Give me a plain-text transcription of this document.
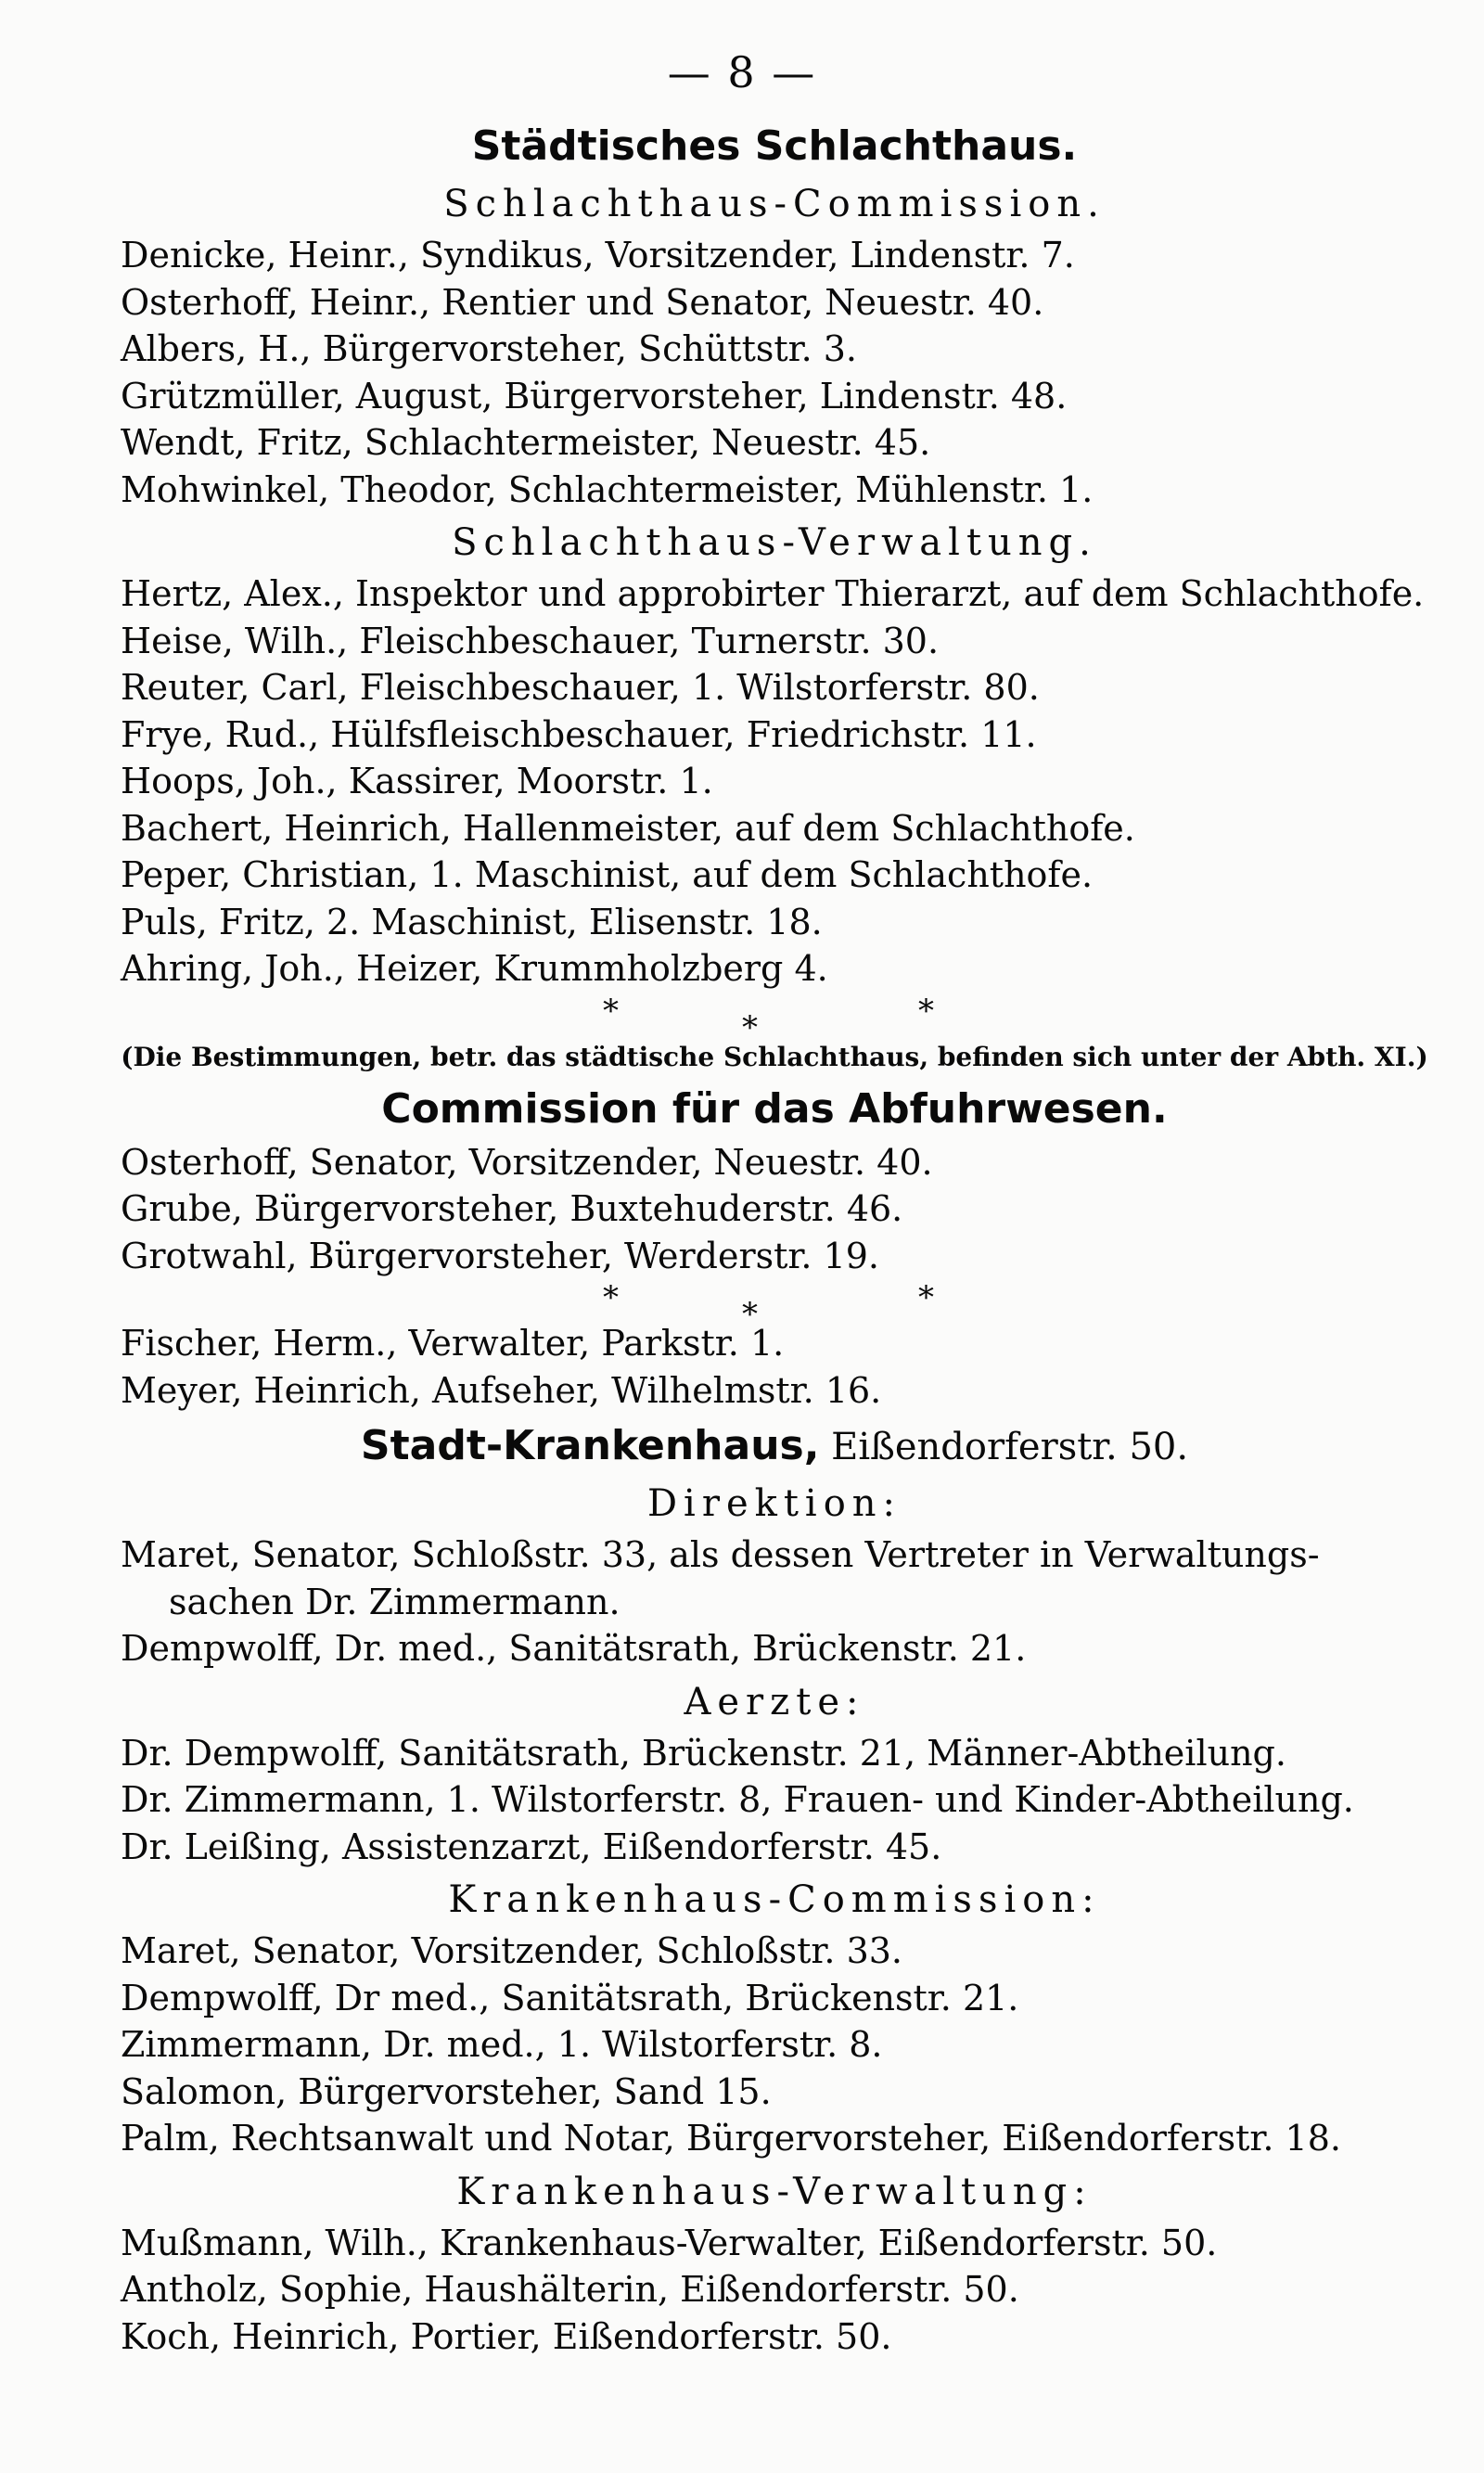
— 8 —
Städtisches Schlachthaus.
Schlachthaus-Commission.
Denicke, Heinr., Syndikus, Vorsitzender, Lindenstr. 7.
Osterhoff, Heinr., Rentier und Senator, Neuestr. 40.
Albers, H., Bürgervorsteher, Schüttstr. 3.
Grützmüller, August, Bürgervorsteher, Lindenstr. 48.
Wendt, Fritz, Schlachtermeister, Neuestr. 45.
Mohwinkel, Theodor, Schlachtermeister, Mühlenstr. 1.
Schlachthaus-Verwaltung.
Hertz, Alex., Inspektor und approbirter Thierarzt, auf dem Schlachthofe.
Heise, Wilh., Fleischbeschauer, Turnerstr. 30.
Reuter, Carl, Fleischbeschauer, 1. Wilstorferstr. 80.
Frye, Rud., Hülfsfleischbeschauer, Friedrichstr. 11.
Hoops, Joh., Kassirer, Moorstr. 1.
Bachert, Heinrich, Hallenmeister, auf dem Schlachthofe.
Peper, Christian, 1. Maschinist, auf dem Schlachthofe.
Puls, Fritz, 2. Maschinist, Elisenstr. 18.
Ahring, Joh., Heizer, Krummholzberg 4.
*	*	*
(Die Bestimmungen, betr. das städtische Schlachthaus, befinden sich unter der Abth. XI.)
Commission für das Abfuhrwesen.
Osterhoff, Senator, Vorsitzender, Neuestr. 40.
Grube, Bürgervorsteher, Buxtehuderstr. 46.
Grotwahl, Bürgervorsteher, Werderstr. 19.
*	*	*
Fischer, Herm., Verwalter, Parkstr. 1.
Meyer, Heinrich, Aufseher, Wilhelmstr. 16.
Stadt-Krankenhaus, Eißendorferstr. 50.
Direktion:
Maret, Senator, Schloßstr. 33, als dessen Vertreter in Verwaltungs-
sachen Dr. Zimmermann.
Dempwolff, Dr. med., Sanitätsrath, Brückenstr. 21.
Aerzte:
Dr. Dempwolff, Sanitätsrath, Brückenstr. 21, Männer-Abtheilung.
Dr. Zimmermann, 1. Wilstorferstr. 8, Frauen- und Kinder-Abtheilung.
Dr. Leißing, Assistenzarzt, Eißendorferstr. 45.
Krankenhaus-Commission:
Maret, Senator, Vorsitzender, Schloßstr. 33.
Dempwolff, Dr med., Sanitätsrath, Brückenstr. 21.
Zimmermann, Dr. med., 1. Wilstorferstr. 8.
Salomon, Bürgervorsteher, Sand 15.
Palm, Rechtsanwalt und Notar, Bürgervorsteher, Eißendorferstr. 18.
Krankenhaus-Verwaltung:
Mußmann, Wilh., Krankenhaus-Verwalter, Eißendorferstr. 50.
Antholz, Sophie, Haushälterin, Eißendorferstr. 50.
Koch, Heinrich, Portier, Eißendorferstr. 50.
